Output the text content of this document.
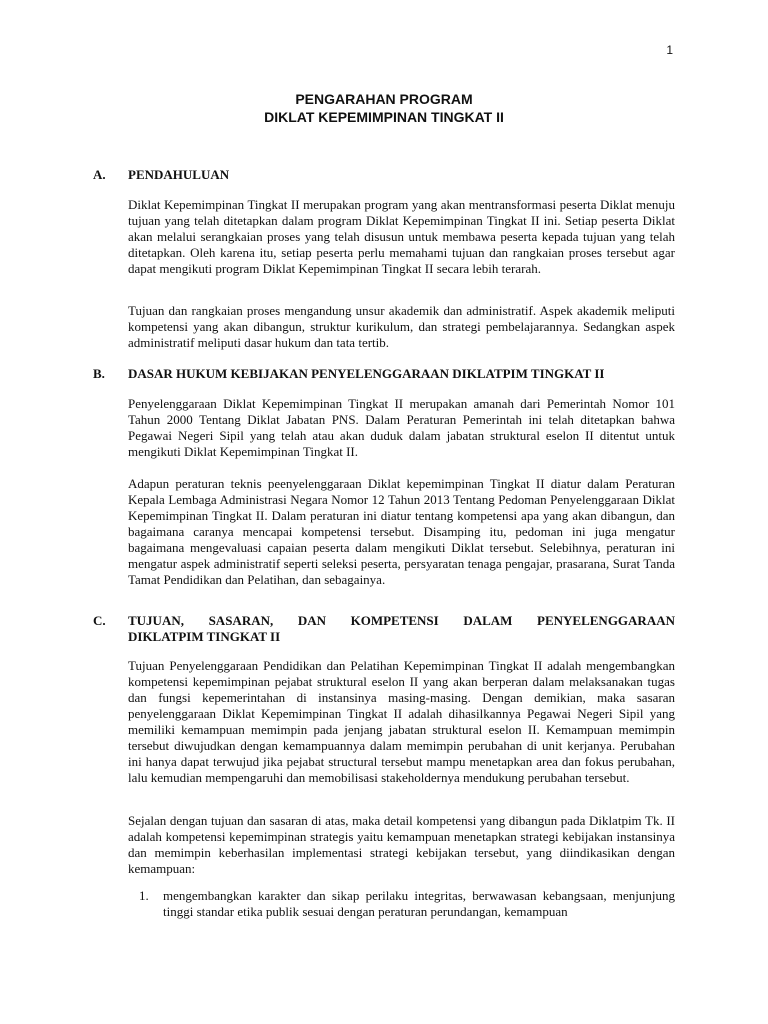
1
PENGARAHAN PROGRAM
DIKLAT KEPEMIMPINAN TINGKAT II
A. PENDAHULUAN

Diklat Kepemimpinan Tingkat II merupakan program yang akan mentransformasi peserta Diklat menuju tujuan yang telah ditetapkan dalam program Diklat Kepemimpinan Tingkat II ini. Setiap peserta Diklat akan melalui serangkaian proses yang telah disusun untuk membawa peserta kepada tujuan yang telah ditetapkan. Oleh karena itu, setiap peserta perlu memahami tujuan dan rangkaian proses tersebut agar dapat mengikuti program Diklat Kepemimpinan Tingkat II secara lebih terarah.

Tujuan dan rangkaian proses mengandung unsur akademik dan administratif. Aspek akademik meliputi kompetensi yang akan dibangun, struktur kurikulum, dan strategi pembelajarannya. Sedangkan aspek administratif meliputi dasar hukum dan tata tertib.

B. DASAR HUKUM KEBIJAKAN PENYELENGGARAAN DIKLATPIM TINGKAT II

Penyelenggaraan Diklat Kepemimpinan Tingkat II merupakan amanah dari Pemerintah Nomor 101 Tahun 2000 Tentang Diklat Jabatan PNS. Dalam Peraturan Pemerintah ini telah ditetapkan bahwa Pegawai Negeri Sipil yang telah atau akan duduk dalam jabatan struktural eselon II ditentut untuk mengikuti Diklat Kepemimpinan Tingkat II.

Adapun peraturan teknis peenyelenggaraan Diklat kepemimpinan Tingkat II diatur dalam Peraturan Kepala Lembaga Administrasi Negara Nomor 12 Tahun 2013 Tentang Pedoman Penyelenggaraan Diklat Kepemimpinan Tingkat II. Dalam peraturan ini diatur tentang kompetensi apa yang akan dibangun, dan bagaimana caranya mencapai kompetensi tersebut. Disamping itu, pedoman ini juga mengatur bagaimana mengevaluasi capaian peserta dalam mengikuti Diklat tersebut. Selebihnya, peraturan ini mengatur aspek administratif seperti seleksi peserta, persyaratan tenaga pengajar, prasarana, Surat Tanda Tamat Pendidikan dan Pelatihan, dan sebagainya.

C. TUJUAN, SASARAN, DAN KOMPETENSI DALAM PENYELENGGARAAN
DIKLATPIM TINGKAT II

Tujuan Penyelenggaraan Pendidikan dan Pelatihan Kepemimpinan Tingkat II adalah mengembangkan kompetensi kepemimpinan pejabat struktural eselon II yang akan berperan dalam melaksanakan tugas dan fungsi kepemerintahan di instansinya masing-masing. Dengan demikian, maka sasaran penyelenggaraan Diklat Kepemimpinan Tingkat II adalah dihasilkannya Pegawai Negeri Sipil yang memiliki kemampuan memimpin pada jenjang jabatan struktural eselon II. Kemampuan memimpin tersebut diwujudkan dengan kemampuannya dalam memimpin perubahan di unit kerjanya. Perubahan ini hanya dapat terwujud jika pejabat structural tersebut mampu menetapkan area dan fokus perubahan, lalu kemudian mempengaruhi dan memobilisasi stakeholdernya mendukung perubahan tersebut.

Sejalan dengan tujuan dan sasaran di atas, maka detail kompetensi yang dibangun pada Diklatpim Tk. II adalah kompetensi kepemimpinan strategis yaitu kemampuan menetapkan strategi kebijakan instansinya dan memimpin keberhasilan implementasi strategi kebijakan tersebut, yang diindikasikan dengan kemampuan:

1. mengembangkan karakter dan sikap perilaku integritas, berwawasan kebangsaan, menjunjung tinggi standar etika publik sesuai dengan peraturan perundangan, kemampuan
